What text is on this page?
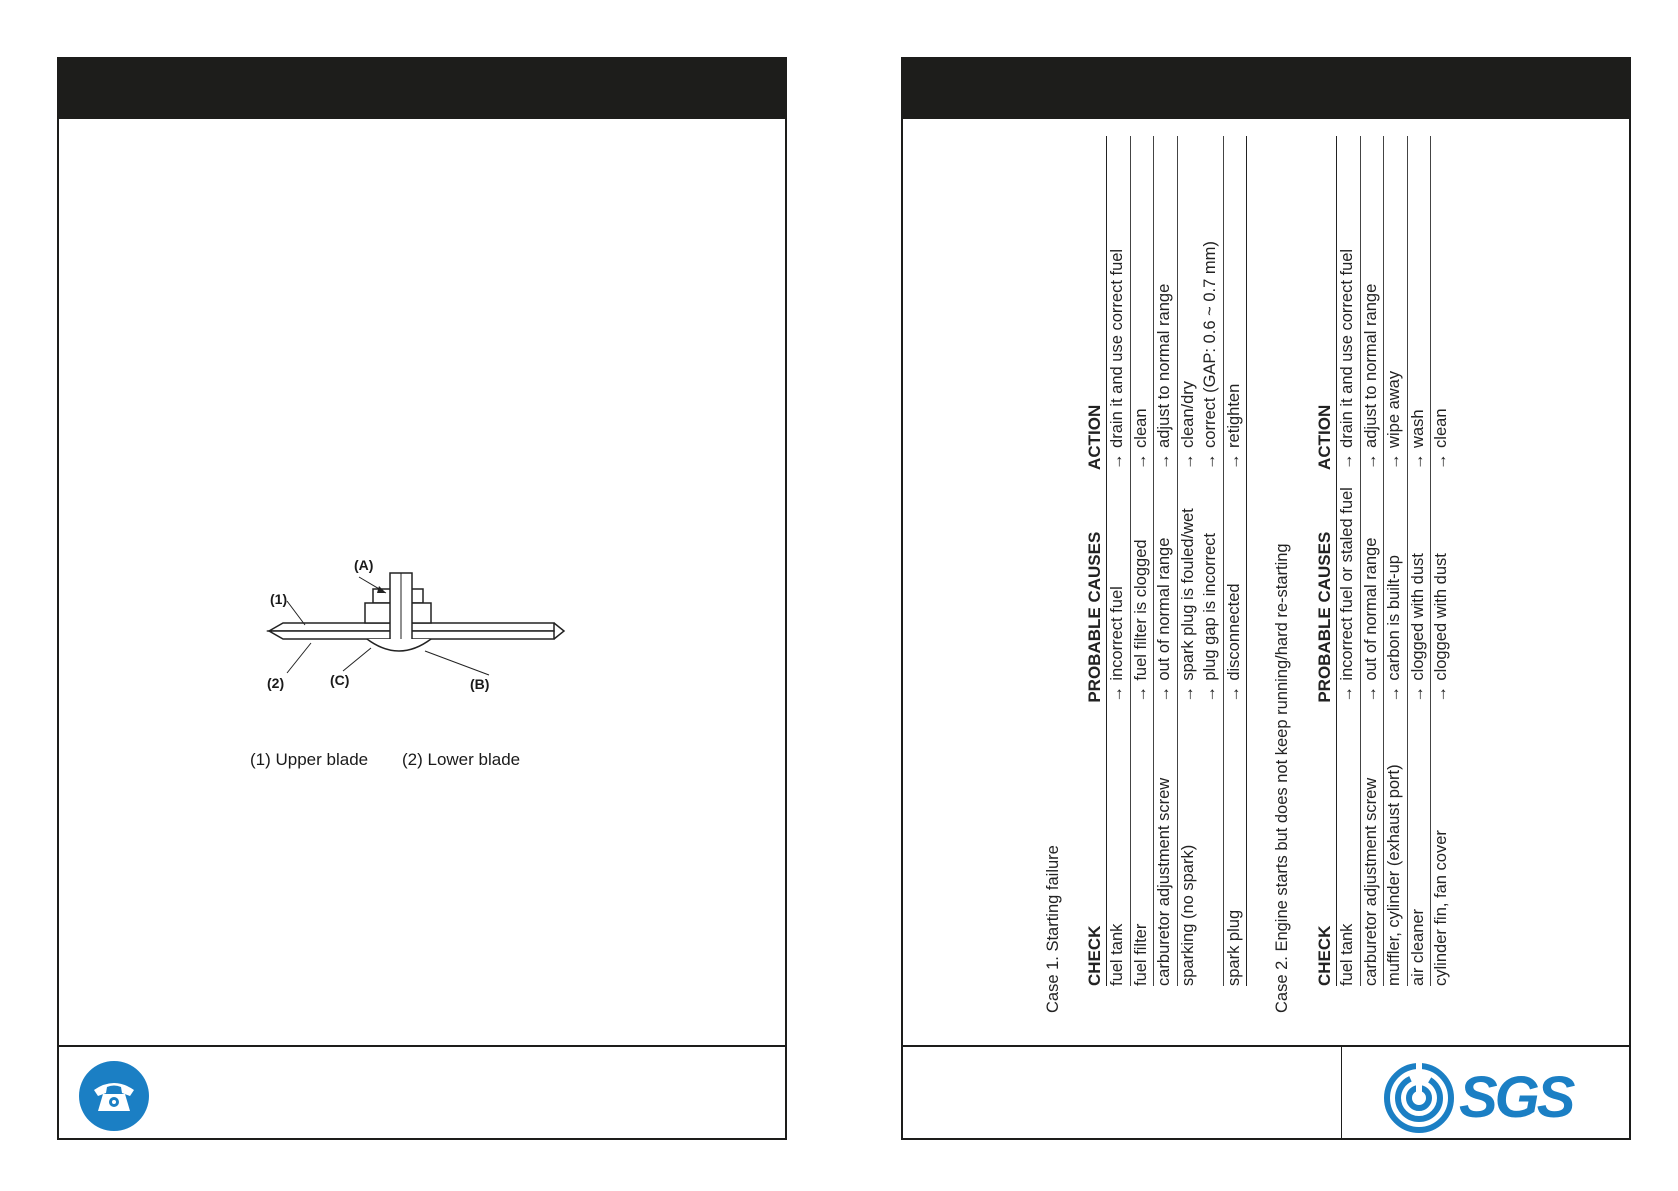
(A)
(1)
(2)	(C)	(B)
(1) Upper blade (2) Lower blade
Case 1. Starting failure CHECK	PROBABLE CAUSES	ACTION
fuel tank	→incorrect fuel	→drain it and use correct fuel
fuel filter	→fuel filter is clogged	→clean
carburetor adjustment screw	→out of normal range	→adjust to normal range
sparking (no spark)	→spark plug is fouled/wet	→clean/dry
	→plug gap is incorrect	→correct (GAP: 0.6 ~ 0.7 mm)
spark plug	→disconnected	→retighten
Case 2. Engine starts but does not keep running/hard re-starting CHECK	PROBABLE CAUSES	ACTION
fuel tank	→incorrect fuel or staled fuel	→drain it and use correct fuel
carburetor adjustment screw	→out of normal range	→adjust to normal range
muffler, cylinder (exhaust port)	→carbon is built-up	→wipe away
air cleaner	→clogged with dust	→wash
cylinder fin, fan cover	→clogged with dust	→clean
SGS
